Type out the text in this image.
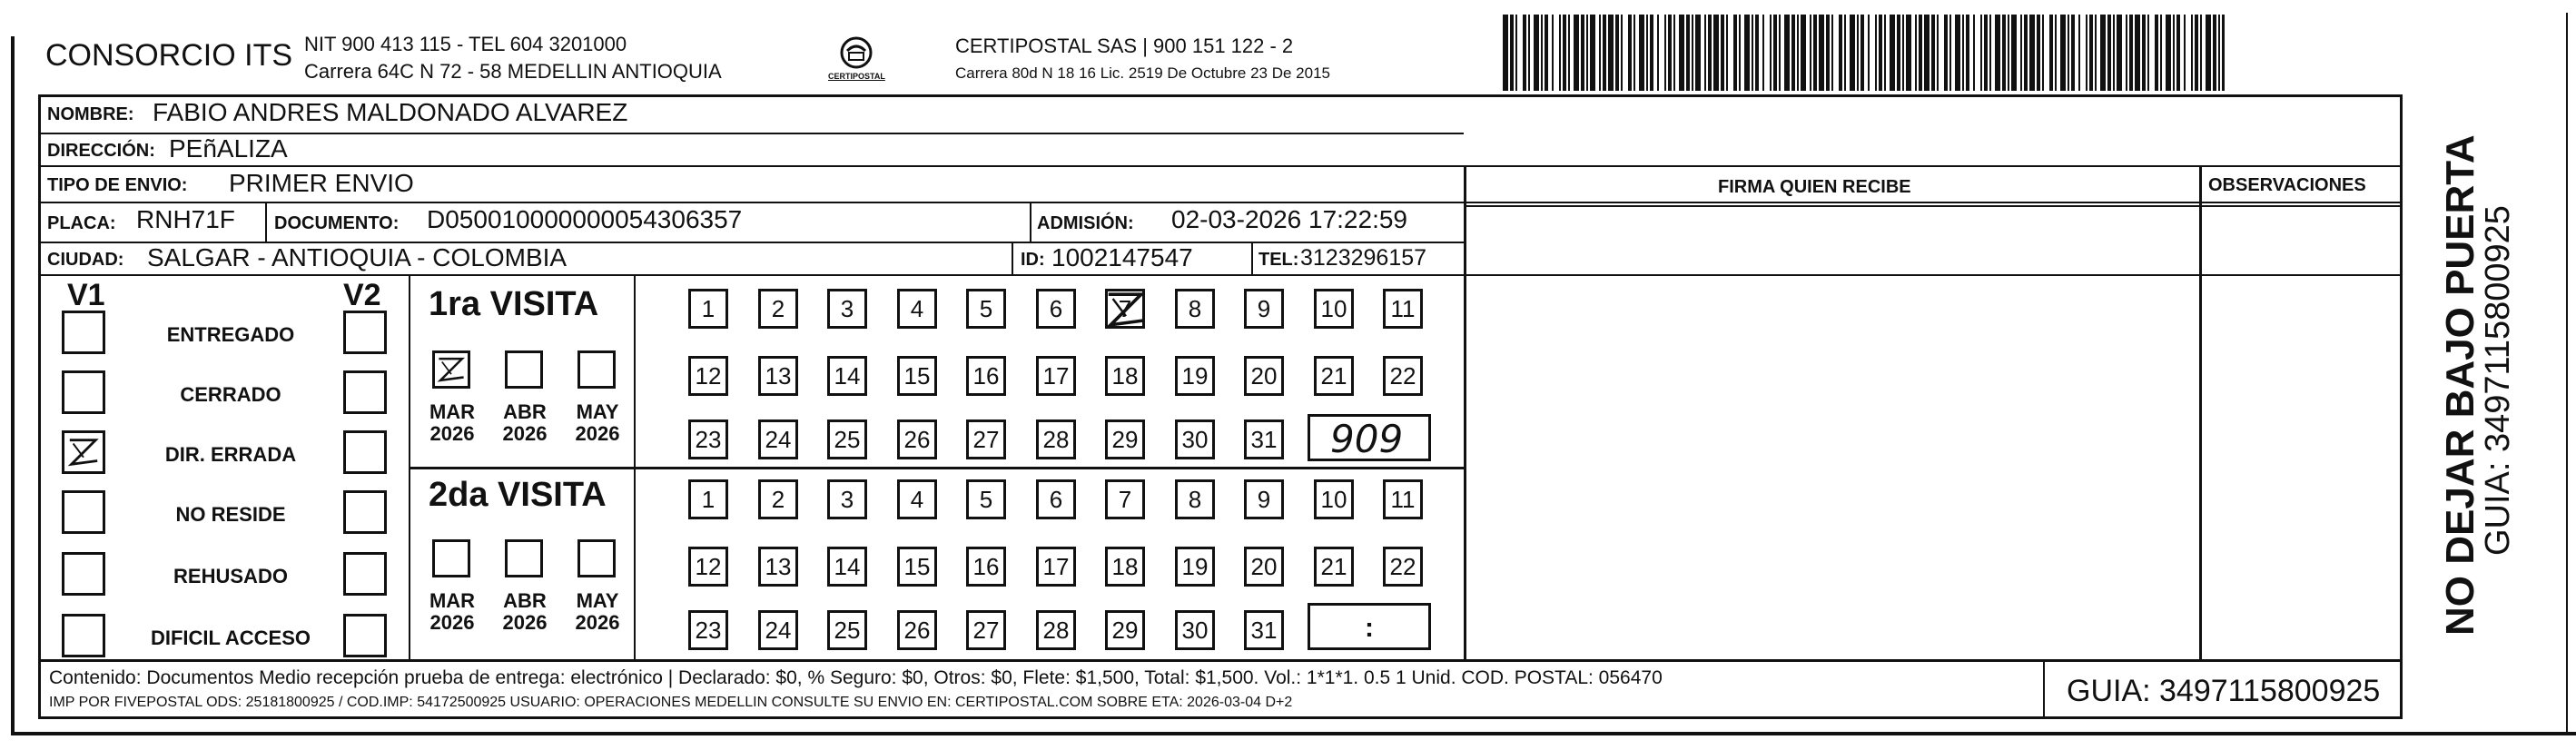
CONSORCIO ITS NIT 900 413 115 - TEL 604 3201000
Carrera 64C N 72 - 58 MEDELLIN ANTIOQUIA	CERTIPOSTAL
CERTIPOSTAL SAS | 900 151 122 - 2
Carrera 80d N 18 16 Lic. 2519 De Octubre 23 De 2015
NOMBRE: FABIO ANDRES MALDONADO ALVAREZ
DIRECCIÓN: PEñALIZA
TIPO DE ENVIO: PRIMER ENVIO	FIRMA QUIEN RECIBE	OBSERVACIONES
PLACA: RNH71F DOCUMENTO: D050010000000054306357	ADMISIÓN: 02-03-2026 17:22:59
CIUDAD: SALGAR - ANTIOQUIA - COLOMBIA	ID: 1002147547	TEL: 3123296157
V1	V2
ENTREGADO
CERRADO
DIR. ERRADA
NO RESIDE
REHUSADO
DIFICIL ACCESO
1ra VISITA
2da VISITA
MAR
2026
ABR
2026
MAY
2026
MAR
2026
ABR
2026
MAY
2026
1	2	3	4	5	6	7	8	9	10	11
12 13 14 15 16 17 18 19 20 21 22
23 24 25 26 27 28 29 30 31
1	2	3	4	5	6	7	8	9	10	11
12 13 14 15 16 17 18 19 20 21 22
23 24 25 26 27 28 29 30 31
909
:
Contenido: Documentos Medio recepción prueba de entrega: electrónico | Declarado: $0, % Seguro: $0, Otros: $0, Flete: $1,500, Total: $1,500. Vol.: 1*1*1. 0.5 1 Unid. COD. POSTAL: 056470
IMP POR FIVEPOSTAL ODS: 25181800925 / COD.IMP: 54172500925 USUARIO: OPERACIONES MEDELLIN CONSULTE SU ENVIO EN: CERTIPOSTAL.COM SOBRE ETA: 2026-03-04 D+2	GUIA: 3497115800925
NO DEJAR BAJO PUERTA
GUIA: 3497115800925
